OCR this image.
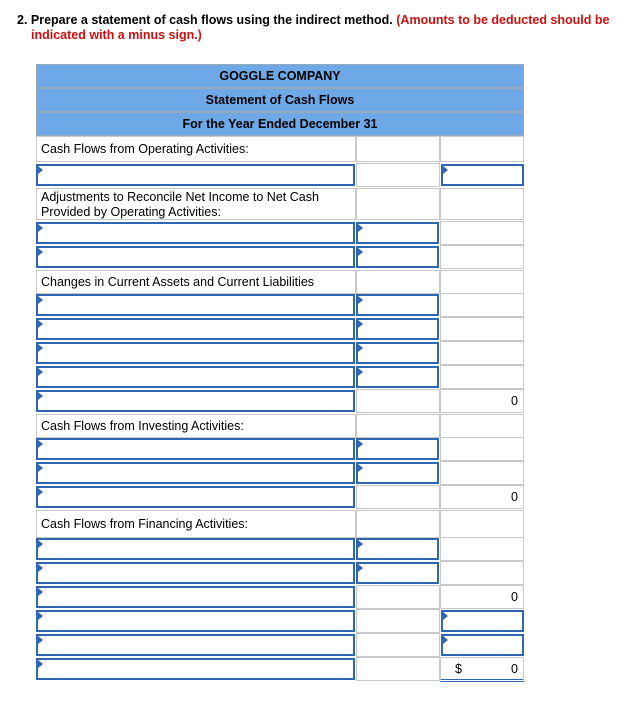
2. Prepare a statement of cash flows using the indirect method. (Amounts to be deducted should be
indicated with a minus sign.)
GOGGLE COMPANY
Statement of Cash Flows
For the Year Ended December 31
Cash Flows from Operating Activities:
Adjustments to Reconcile Net Income to Net Cash
Provided by Operating Activities:
Changes in Current Assets and Current Liabilities
0
Cash Flows from Investing Activities:
0
Cash Flows from Financing Activities:
0
$	0
